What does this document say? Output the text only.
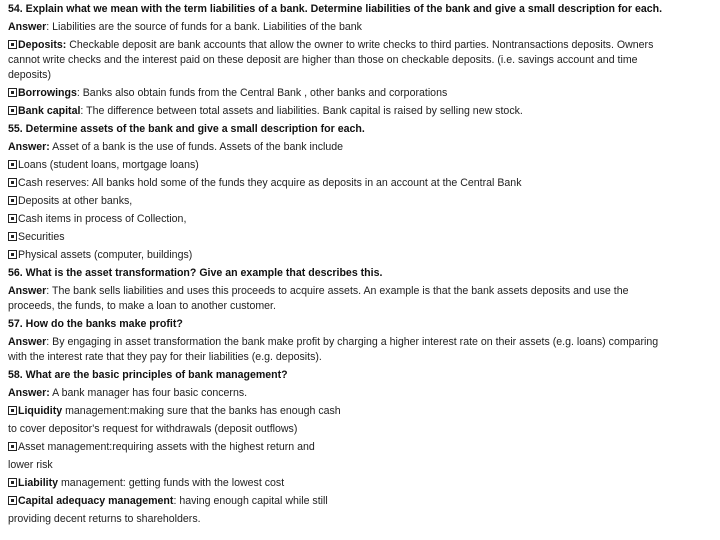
54. Explain what we mean with the term liabilities of a bank. Determine liabilities of the bank and give a small description for each.
Answer: Liabilities are the source of funds for a bank. Liabilities of the bank
Deposits: Checkable deposit are bank accounts that allow the owner to write checks to third parties. Nontransactions deposits. Owners
cannot write checks and the interest paid on these deposit are higher than those on checkable deposits. (i.e. savings account and time
deposits)
Borrowings: Banks also obtain funds from the Central Bank , other banks and corporations
Bank capital: The difference between total assets and liabilities. Bank capital is raised by selling new stock.
55. Determine assets of the bank and give a small description for each.
Answer: Asset of a bank is the use of funds. Assets of the bank include
Loans (student loans, mortgage loans)
Cash reserves: All banks hold some of the funds they acquire as deposits in an account at the Central Bank
Deposits at other banks,
Cash items in process of Collection,
Securities
Physical assets (computer, buildings)
56. What is the asset transformation? Give an example that describes this.
Answer: The bank sells liabilities and uses this proceeds to acquire assets. An example is that the bank assets deposits and use the
proceeds, the funds, to make a loan to another customer.
57. How do the banks make profit?
Answer: By engaging in asset transformation the bank make profit by charging a higher interest rate on their assets (e.g. loans) comparing
with the interest rate that they pay for their liabilities (e.g. deposits).
58. What are the basic principles of bank management?
Answer: A bank manager has four basic concerns.
Liquidity management:making sure that the banks has enough cash
to cover depositor's request for withdrawals (deposit outflows)
Asset management:requiring assets with the highest return and
lower risk
Liability management: getting funds with the lowest cost
Capital adequacy management: having enough capital while still
providing decent returns to shareholders.
